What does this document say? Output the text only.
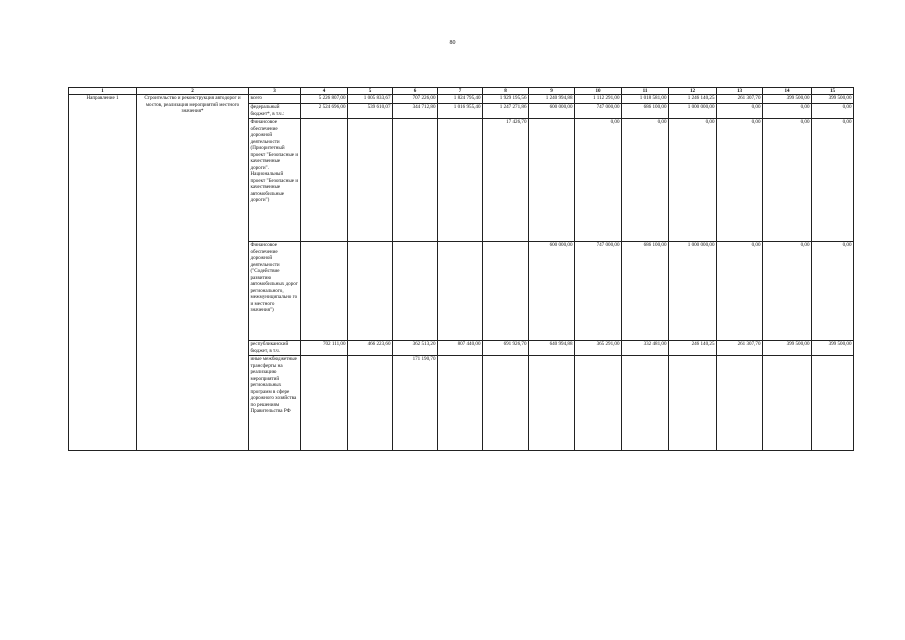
80
1	2	3	4	5	6	7	8	9	10	11	12	13	14	15
Направление 1	Строительство и реконструкция автодорог и мостов, реализация мероприятий местного значения*	всего	5 226 807,00	1 005 833,67	707 226,00	1 824 795,40	1 929 195,56	1 240 994,88	1 112 291,00	1 018 581,00	1 246 140,25	261 307,70	399 500,00	399 500,00
		федеральный бюджет*, в т.ч.:	2 524 696,00	539 610,07	344 712,80	1 016 955,40	1 247 271,86	600 000,00	747 000,00	686 100,00	1 000 000,00	0,00	0,00	0,00
		Финансовое обеспечение дорожной деятельности (Приоритетный проект "Безопасные и качественные дороги". Национальный проект "Безопасные и качественные автомобильные дороги")					17 426,70		0,00	0,00	0,00	0,00	0,00	0,00
		Финансовое обеспечение дорожной деятельности ("Содействие развитию автомобильных дорог регионального, межмуниципально го и местного значения")						600 000,00	747 000,00	686 100,00	1 000 000,00	0,00	0,00	0,00
		республиканский бюджет, в т.ч.	702 111,00	466 223,60	362 513,20	807 440,00	691 926,70	640 994,88	365 291,00	332 481,00	246 140,25	261 307,70	399 500,00	399 500,00
		иные межбюджетные трансферты на реализацию мероприятий региональных программ в сфере дорожного хозяйства по решениям Правительства РФ			171 190,70									
